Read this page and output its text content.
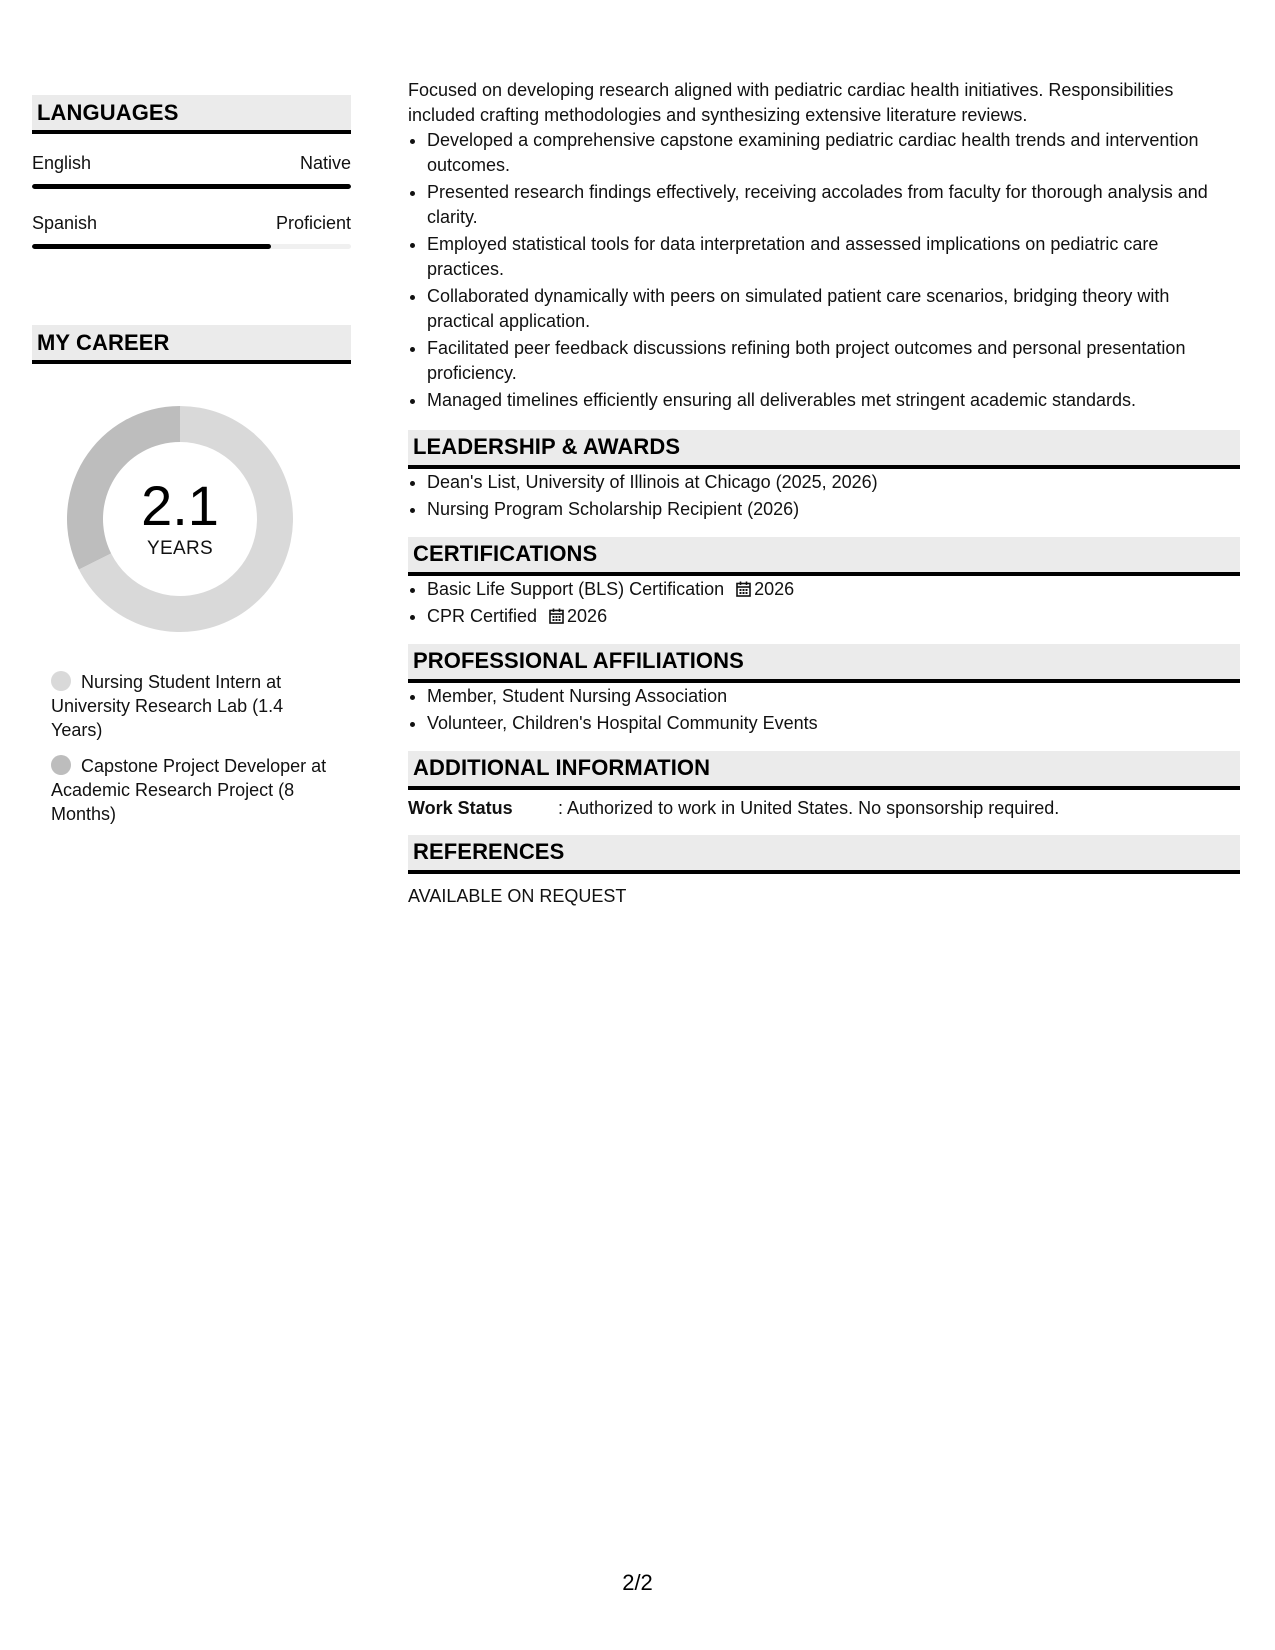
LANGUAGES
English	Native
Spanish	Proficient
MY CAREER
2.1
YEARS
Nursing Student Intern at University Research Lab (1.4 Years)
Capstone Project Developer at Academic Research Project (8 Months)

Focused on developing research aligned with pediatric cardiac health initiatives. Responsibilities included crafting methodologies and synthesizing extensive literature reviews.

• Developed a comprehensive capstone examining pediatric cardiac health trends and intervention outcomes.
• Presented research findings effectively, receiving accolades from faculty for thorough analysis and clarity.
• Employed statistical tools for data interpretation and assessed implications on pediatric care practices.
• Collaborated dynamically with peers on simulated patient care scenarios, bridging theory with practical application.
• Facilitated peer feedback discussions refining both project outcomes and personal presentation proficiency.
• Managed timelines efficiently ensuring all deliverables met stringent academic standards.
LEADERSHIP & AWARDS
• Dean's List, University of Illinois at Chicago (2025, 2026)
• Nursing Program Scholarship Recipient (2026)
CERTIFICATIONS
• Basic Life Support (BLS) Certification 2026
• CPR Certified 2026
PROFESSIONAL AFFILIATIONS
• Member, Student Nursing Association
• Volunteer, Children's Hospital Community Events
ADDITIONAL INFORMATION
Work Status	: Authorized to work in United States. No sponsorship required.
REFERENCES
AVAILABLE ON REQUEST
2/2
